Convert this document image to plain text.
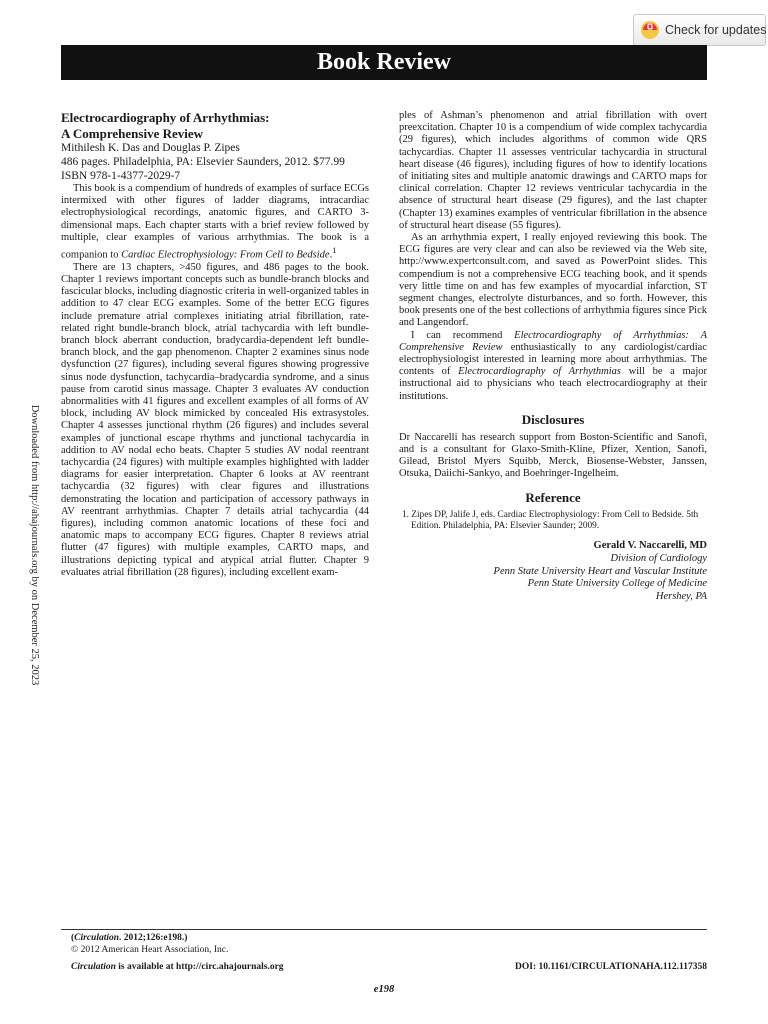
Check for updates
Book Review
Downloaded from http://ahajournals.org by on December 25, 2023
Electrocardiography of Arrhythmias:
A Comprehensive Review
Mithilesh K. Das and Douglas P. Zipes
486 pages. Philadelphia, PA: Elsevier Saunders, 2012. $77.99
ISBN 978-1-4377-2029-7

This book is a compendium of hundreds of examples of surface ECGs intermixed with other figures of ladder diagrams, intracardiac electrophysiological recordings, anatomic figures, and CARTO 3-dimensional maps. Each chapter starts with a brief review followed by multiple, clear examples of various arrhythmias. The book is a companion to Cardiac Electrophysiology: From Cell to Bedside.$^1$

There are 13 chapters, >450 figures, and 486 pages to the book. Chapter 1 reviews important concepts such as bundle-branch blocks and fascicular blocks, including diagnostic criteria in well-organized tables in addition to 47 clear ECG examples. Some of the better ECG figures include premature atrial complexes initiating atrial fibrillation, rate-related right bundle-branch block, atrial tachycardia with left bundle-branch block aberrant conduction, bradycardia-dependent left bundle-branch block, and the gap phenomenon. Chapter 2 examines sinus node dysfunction (27 figures), including several figures showing progressive sinus node dysfunction, tachycardia–bradycardia syndrome, and a sinus pause from carotid sinus massage. Chapter 3 evaluates AV conduction abnormalities with 41 figures and excellent examples of all forms of AV block, including AV block mimicked by concealed His extrasystoles. Chapter 4 assesses junctional rhythm (26 figures) and includes several examples of junctional escape rhythms and junctional tachycardia in addition to AV nodal echo beats. Chapter 5 studies AV nodal reentrant tachycardia (24 figures) with multiple examples highlighted with ladder diagrams for easier interpretation. Chapter 6 looks at AV reentrant tachycardia (32 figures) with clear figures and illustrations demonstrating the location and participation of accessory pathways in AV reentrant arrhythmias. Chapter 7 details atrial tachycardia (44 figures), including common anatomic locations of these foci and anatomic maps to accompany ECG figures. Chapter 8 reviews atrial flutter (47 figures) with multiple examples, CARTO maps, and illustrations depicting typical and atypical atrial flutter. Chapter 9 evaluates atrial fibrillation (28 figures), including excellent exam-

ples of Ashman’s phenomenon and atrial fibrillation with overt preexcitation. Chapter 10 is a compendium of wide complex tachycardia (29 figures), which includes algorithms of common wide QRS tachycardias. Chapter 11 assesses ventricular tachycardia in structural heart disease (46 figures), including figures of how to identify locations of initiating sites and multiple anatomic drawings and CARTO maps for clinical correlation. Chapter 12 reviews ventricular tachycardia in the absence of structural heart disease (29 figures), and the last chapter (Chapter 13) examines examples of ventricular fibrillation in the absence of structural heart disease (55 figures).

As an arrhythmia expert, I really enjoyed reviewing this book. The ECG figures are very clear and can also be reviewed via the Web site, http://www.expertconsult.com, and saved as PowerPoint slides. This compendium is not a comprehensive ECG teaching book, and it spends very little time on and has few examples of myocardial infarction, ST segment changes, electrolyte disturbances, and so forth. However, this book presents one of the best collections of arrhythmia figures since Pick and Langendorf.

I can recommend Electrocardiography of Arrhythmias: A Comprehensive Review enthusiastically to any cardiologist/cardiac electrophysiologist interested in learning more about arrhythmias. The contents of Electrocardiography of Arrhythmias will be a major instructional aid to physicians who teach electrocardiography at their institutions.

Disclosures

Dr Naccarelli has research support from Boston-Scientific and Sanofi, and is a consultant for Glaxo-Smith-Kline, Pfizer, Xention, Sanofi, Gilead, Bristol Myers Squibb, Merck, Biosense-Webster, Janssen, Otsuka, Daiichi-Sankyo, and Boehringer-Ingelheim.

Reference

1. Zipes DP, Jalife J, eds. Cardiac Electrophysiology: From Cell to Bedside. 5th Edition. Philadelphia, PA: Elsevier Saunder; 2009.

Gerald V. Naccarelli, MD
Division of Cardiology
Penn State University Heart and Vascular Institute
Penn State University College of Medicine
Hershey, PA
(Circulation. 2012;126:e198.)
© 2012 American Heart Association, Inc.
Circulation is available at http://circ.ahajournals.org	DOI: 10.1161/CIRCULATIONAHA.112.117358
e198
